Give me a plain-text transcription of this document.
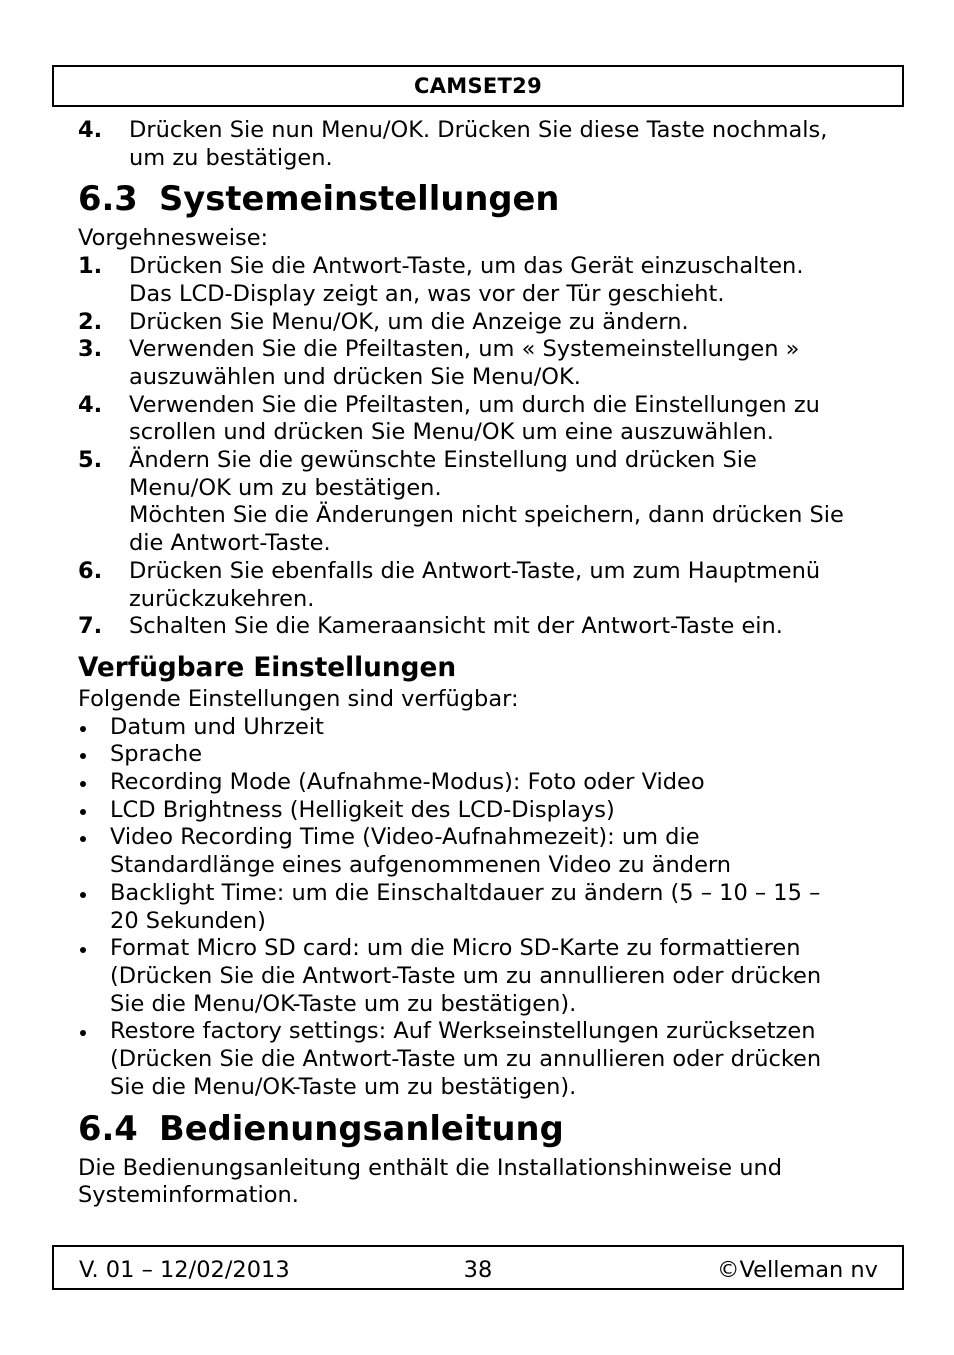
CAMSET29
4. Drücken Sie nun Menu/OK. Drücken Sie diese Taste nochmals,
um zu bestätigen.
6.3 Systemeinstellungen

Vorgehnesweise:

1. Drücken Sie die Antwort-Taste, um das Gerät einzuschalten.
Das LCD-Display zeigt an, was vor der Tür geschieht.
2. Drücken Sie Menu/OK, um die Anzeige zu ändern.
3. Verwenden Sie die Pfeiltasten, um « Systemeinstellungen »
auszuwählen und drücken Sie Menu/OK.
4. Verwenden Sie die Pfeiltasten, um durch die Einstellungen zu
scrollen und drücken Sie Menu/OK um eine auszuwählen.
5. Ändern Sie die gewünschte Einstellung und drücken Sie
Menu/OK um zu bestätigen.
Möchten Sie die Änderungen nicht speichern, dann drücken Sie
die Antwort-Taste.
6. Drücken Sie ebenfalls die Antwort-Taste, um zum Hauptmenü
zurückzukehren.
7. Schalten Sie die Kameraansicht mit der Antwort-Taste ein.
Verfügbare Einstellungen

Folgende Einstellungen sind verfügbar:

Datum und Uhrzeit
Sprache
Recording Mode (Aufnahme-Modus): Foto oder Video
LCD Brightness (Helligkeit des LCD-Displays)
Video Recording Time (Video-Aufnahmezeit): um die
Standardlänge eines aufgenommenen Video zu ändern
Backlight Time: um die Einschaltdauer zu ändern (5 – 10 – 15 –
20 Sekunden)
Format Micro SD card: um die Micro SD-Karte zu formattieren
(Drücken Sie die Antwort-Taste um zu annullieren oder drücken
Sie die Menu/OK-Taste um zu bestätigen).
Restore factory settings: Auf Werkseinstellungen zurücksetzen
(Drücken Sie die Antwort-Taste um zu annullieren oder drücken
Sie die Menu/OK-Taste um zu bestätigen).
6.4 Bedienungsanleitung
Die Bedienungsanleitung enthält die Installationshinweise und
Systeminformation.
V. 01 – 12/02/2013	38	©Velleman nv
